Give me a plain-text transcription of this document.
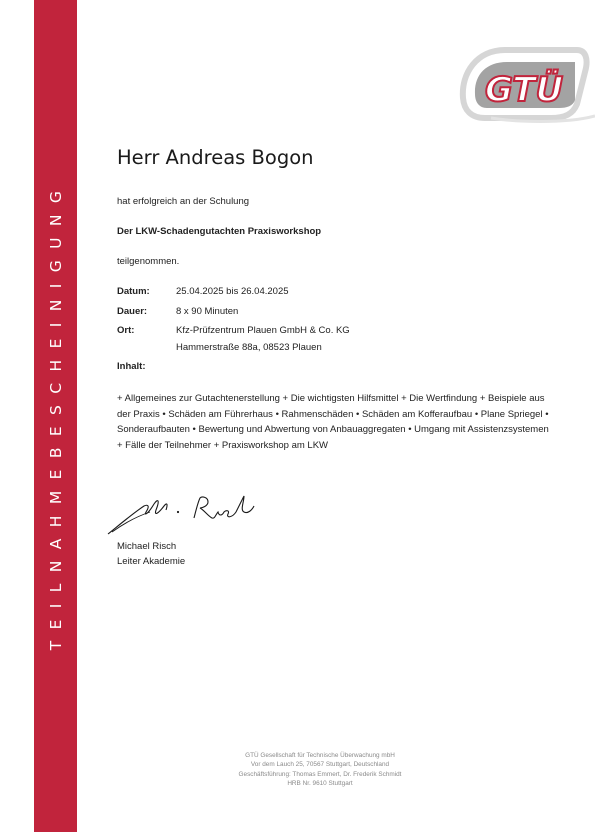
TEILNAHMEBESCHEINIGUNG
GTÜ
Herr Andreas Bogon
hat erfolgreich an der Schulung
Der LKW-Schadengutachten Praxisworkshop
teilgenommen.
Datum:	25.04.2025 bis 26.04.2025
Dauer:	8 x 90 Minuten
Ort:	Kfz-Prüfzentrum Plauen GmbH & Co. KG
Hammerstraße 88a, 08523 Plauen
Inhalt:
+ Allgemeines zur Gutachtenerstellung + Die wichtigsten Hilfsmittel + Die Wertfindung + Beispiele aus der Praxis • Schäden am Führerhaus • Rahmenschäden • Schäden am Kofferaufbau • Plane Spriegel • Sonderaufbauten • Bewertung und Abwertung von Anbauaggregaten • Umgang mit Assistenzsystemen + Fälle der Teilnehmer + Praxisworkshop am LKW
Michael Risch
Leiter Akademie
GTÜ Gesellschaft für Technische Überwachung mbH
Vor dem Lauch 25, 70567 Stuttgart, Deutschland
Geschäftsführung: Thomas Emmert, Dr. Frederik Schmidt
HRB Nr. 9610 Stuttgart
